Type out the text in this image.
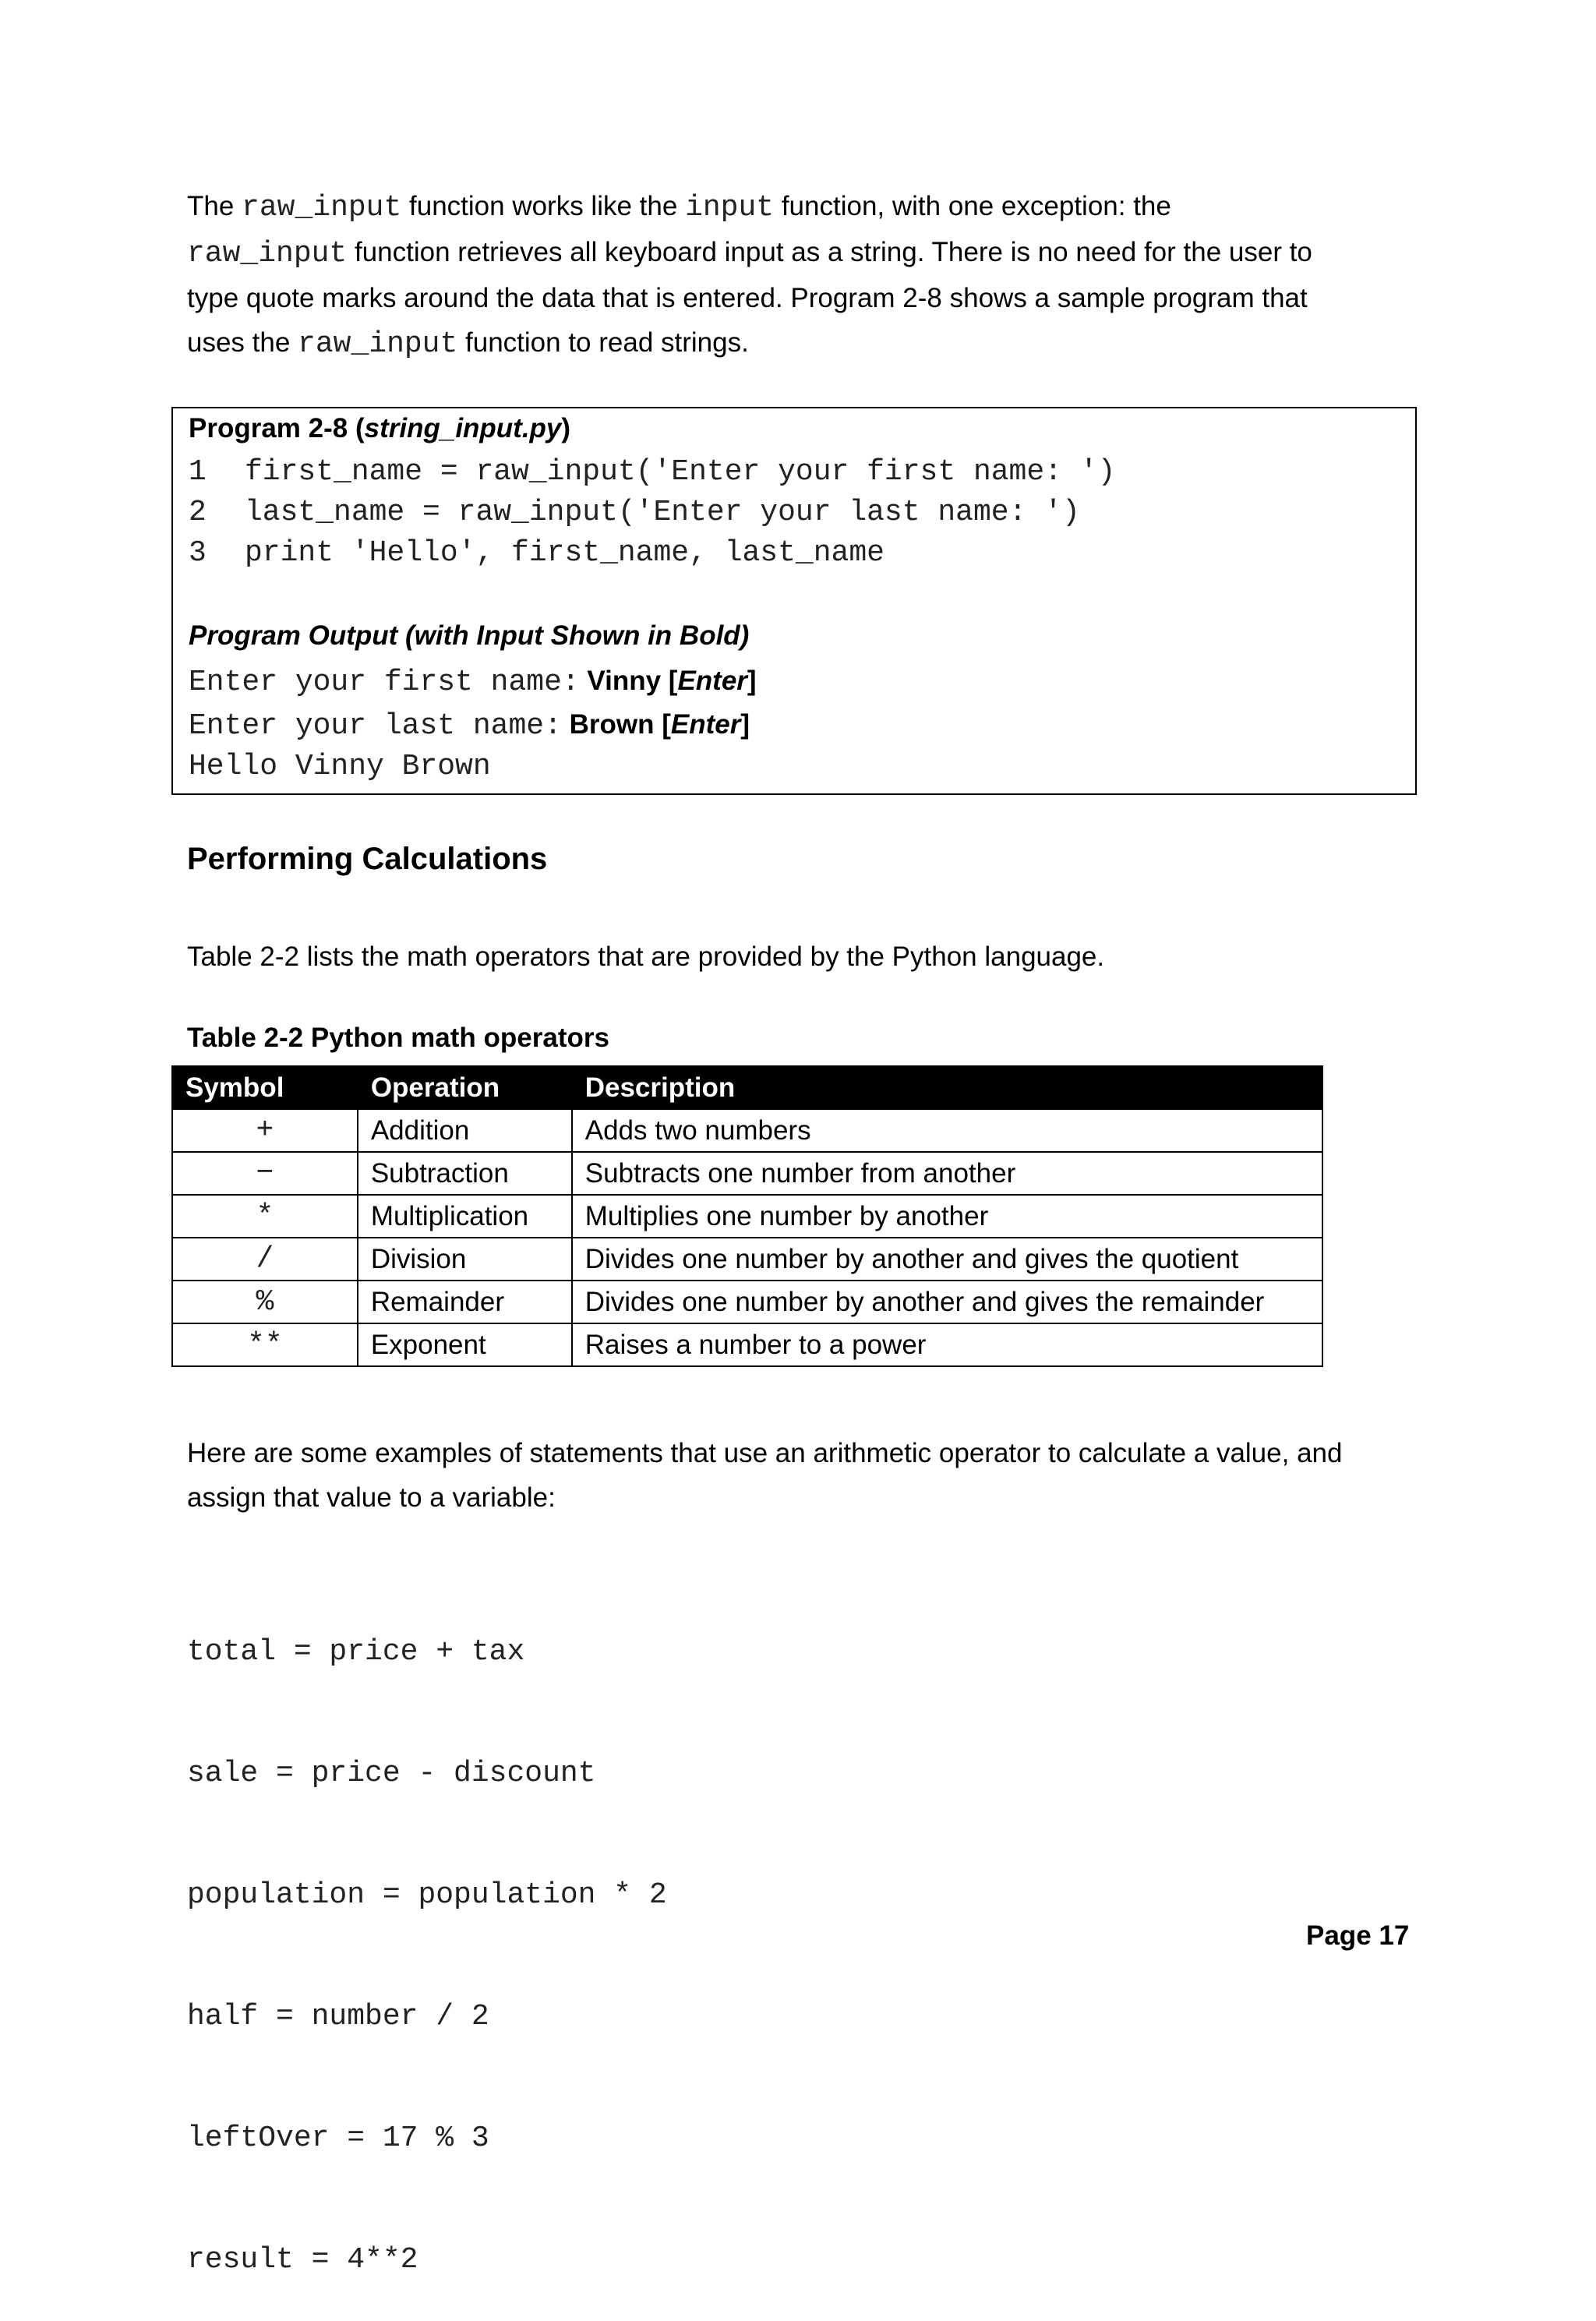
The raw_input function works like the input function, with one exception: the
raw_input function retrieves all keyboard input as a string. There is no need for the user to
type quote marks around the data that is entered. Program 2-8 shows a sample program that
uses the raw_input function to read strings.
Program 2-8 (string_input.py)
1 first_name = raw_input('Enter your first name: ')
2 last_name = raw_input('Enter your last name: ')
3 print 'Hello', first_name, last_name
Program Output (with Input Shown in Bold)
Enter your first name: Vinny [Enter]
Enter your last name: Brown [Enter]
Hello Vinny Brown
Performing Calculations
Table 2-2 lists the math operators that are provided by the Python language.
Table 2-2 Python math operators
Symbol	Operation	Description
+	Addition	Adds two numbers
−	Subtraction	Subtracts one number from another
*	Multiplication	Multiplies one number by another
/	Division	Divides one number by another and gives the quotient
%	Remainder	Divides one number by another and gives the remainder
**	Exponent	Raises a number to a power
Here are some examples of statements that use an arithmetic operator to calculate a value, and
assign that value to a variable:

total = price + tax

sale = price - discount

population = population * 2

half = number / 2

leftOver = 17 % 3

result = 4**2

Page 17
